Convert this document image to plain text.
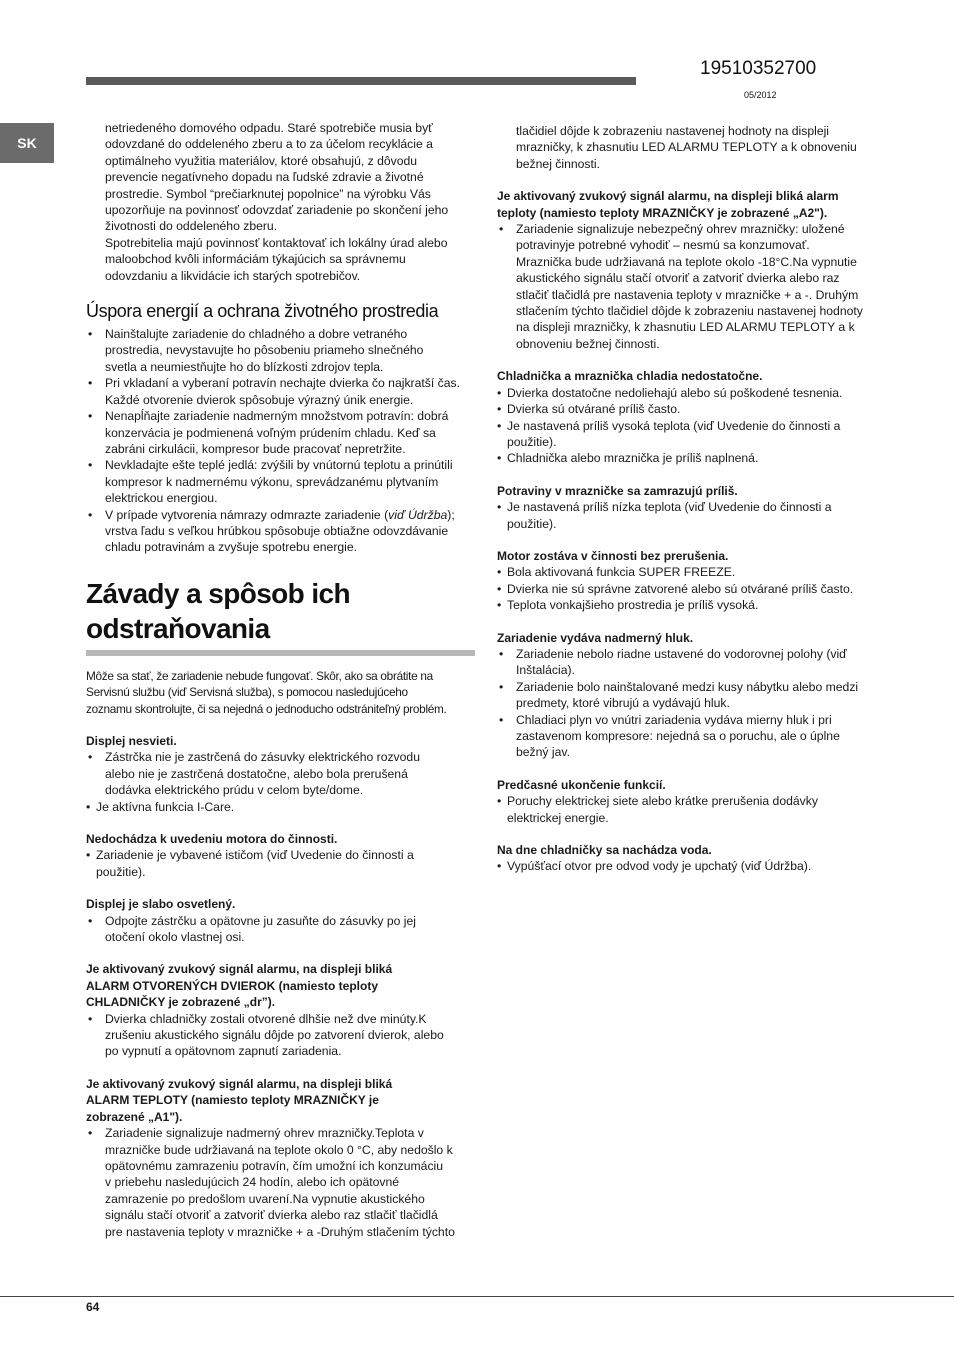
19510352700
05/2012
SK
netriedeného domového odpadu. Staré spotrebiče musia byť
odovzdané do oddeleného zberu a to za účelom recyklácie a
optimálneho využitia materiálov, ktoré obsahujú, z dôvodu
prevencie negatívneho dopadu na ľudské zdravie a životné
prostredie. Symbol “prečiarknutej popolnice” na výrobku Vás
upozorňuje na povinnosť odovzdať zariadenie po skončení jeho
životnosti do oddeleného zberu.
Spotrebitelia majú povinnosť kontaktovať ich lokálny úrad alebo
maloobchod kvôli informáciám týkajúcich sa správnemu
odovzdaniu a likvidácie ich starých spotrebičov.
Úspora energií a ochrana životného prostredia
• Nainštalujte zariadenie do chladného a dobre vetraného
prostredia, nevystavujte ho pôsobeniu priameho slnečného
svetla a neumiestňujte ho do blízkosti zdrojov tepla.
• Pri vkladaní a vyberaní potravín nechajte dvierka čo najkratší čas.
Každé otvorenie dvierok spôsobuje výrazný únik energie.
• Nenapĺňajte zariadenie nadmerným množstvom potravín: dobrá
konzervácia je podmienená voľným prúdením chladu. Keď sa
zabráni cirkulácii, kompresor bude pracovať nepretržite.
• Nevkladajte ešte teplé jedlá: zvýšili by vnútornú teplotu a prinútili
kompresor k nadmernému výkonu, sprevádzanému plytvaním
elektrickou energiou.
• V prípade vytvorenia námrazy odmrazte zariadenie (viď Údržba);
vrstva ľadu s veľkou hrúbkou spôsobuje obtiažne odovzdávanie
chladu potravinám a zvyšuje spotrebu energie.
Závady a spôsob ich
odstraňovania
Môže sa stať, že zariadenie nebude fungovať. Skôr, ako sa obrátite na
Servisnú službu (viď Servisná služba), s pomocou nasledujúceho
zoznamu skontrolujte, či sa nejedná o jednoducho odstrániteľný problém.
Displej nesvieti.
• Zástrčka nie je zastrčená do zásuvky elektrického rozvodu
alebo nie je zastrčená dostatočne, alebo bola prerušená
dodávka elektrického prúdu v celom byte/dome.
• Je aktívna funkcia I-Care.
Nedochádza k uvedeniu motora do činnosti.
• Zariadenie je vybavené ističom (viď Uvedenie do činnosti a
použitie).
Displej je slabo osvetlený.
• Odpojte zástrčku a opätovne ju zasuňte do zásuvky po jej
otočení okolo vlastnej osi.
Je aktivovaný zvukový signál alarmu, na displeji bliká
ALARM OTVORENÝCH DVIEROK (namiesto teploty
CHLADNIČKY je zobrazené „dr”).
• Dvierka chladničky zostali otvorené dlhšie než dve minúty.K
zrušeniu akustického signálu dôjde po zatvorení dvierok, alebo
po vypnutí a opätovnom zapnutí zariadenia.
Je aktivovaný zvukový signál alarmu, na displeji bliká
ALARM TEPLOTY (namiesto teploty MRAZNIČKY je
zobrazené „A1").
• Zariadenie signalizuje nadmerný ohrev mrazničky.Teplota v
mrazničke bude udržiavaná na teplote okolo 0 °C, aby nedošlo k
opätovnému zamrazeniu potravín, čím umožní ich konzumáciu
v priebehu nasledujúcich 24 hodín, alebo ich opätovné
zamrazenie po predošlom uvarení.Na vypnutie akustického
signálu stačí otvoriť a zatvoriť dvierka alebo raz stlačiť tlačidlá
pre nastavenia teploty v mrazničke + a -Druhým stlačením týchto
tlačidiel dôjde k zobrazeniu nastavenej hodnoty na displeji
mrazničky, k zhasnutiu LED ALARMU TEPLOTY a k obnoveniu
bežnej činnosti.
Je aktivovaný zvukový signál alarmu, na displeji bliká alarm
teploty (namiesto teploty MRAZNIČKY je zobrazené „A2").
• Zariadenie signalizuje nebezpečný ohrev mrazničky: uložené
potravinyje potrebné vyhodiť – nesmú sa konzumovať.
Mraznička bude udržiavaná na teplote okolo -18°C.Na vypnutie
akustického signálu stačí otvoriť a zatvoriť dvierka alebo raz
stlačiť tlačidlá pre nastavenia teploty v mrazničke + a -. Druhým
stlačením týchto tlačidiel dôjde k zobrazeniu nastavenej hodnoty
na displeji mrazničky, k zhasnutiu LED ALARMU TEPLOTY a k
obnoveniu bežnej činnosti.
Chladnička a mraznička chladia nedostatočne.
• Dvierka dostatočne nedoliehajú alebo sú poškodené tesnenia.
• Dvierka sú otvárané príliš často.
• Je nastavená príliš vysoká teplota (viď Uvedenie do činnosti a
použitie).
• Chladnička alebo mraznička je príliš naplnená.
Potraviny v mrazničke sa zamrazujú príliš.
• Je nastavená príliš nízka teplota (viď Uvedenie do činnosti a
použitie).
Motor zostáva v činnosti bez prerušenia.
• Bola aktivovaná funkcia SUPER FREEZE.
• Dvierka nie sú správne zatvorené alebo sú otvárané príliš často.
• Teplota vonkajšieho prostredia je príliš vysoká.
Zariadenie vydáva nadmerný hluk.
• Zariadenie nebolo riadne ustavené do vodorovnej polohy (viď
Inštalácia).
• Zariadenie bolo nainštalované medzi kusy nábytku alebo medzi
predmety, ktoré vibrujú a vydávajú hluk.
• Chladiaci plyn vo vnútri zariadenia vydáva mierny hluk i pri
zastavenom kompresore: nejedná sa o poruchu, ale o úplne
bežný jav.
Predčasné ukončenie funkcií.
• Poruchy elektrickej siete alebo krátke prerušenia dodávky
elektrickej energie.
Na dne chladničky sa nachádza voda.
• Vypúšťací otvor pre odvod vody je upchatý (viď Údržba).
64
